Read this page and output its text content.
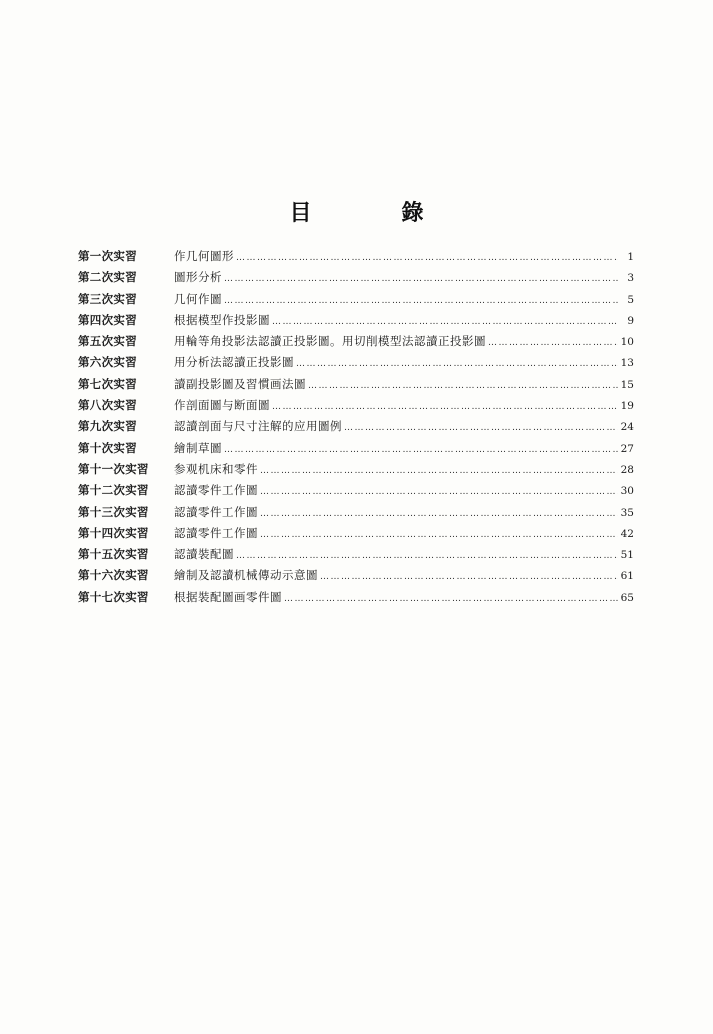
目　錄
第一次实習	作几何圖形 ………………………………………………………………………………………………………………………………………………………………	1
第二次实習	圖形分析 ………………………………………………………………………………………………………………………………………………………………	3
第三次实習	几何作圖 ………………………………………………………………………………………………………………………………………………………………	5
第四次实習	根据模型作投影圖 ………………………………………………………………………………………………………………………………………………………………	9
第五次实習	用輪等角投影法認讀正投影圖。用切削模型法認讀正投影圖 ………………………………………………………………………………………………………………………………………………………………	10
第六次实習	用分析法認讀正投影圖 ………………………………………………………………………………………………………………………………………………………………	13
第七次实習	讀副投影圖及習慣画法圖 ………………………………………………………………………………………………………………………………………………………………	15
第八次实習	作剖面圖与断面圖 ………………………………………………………………………………………………………………………………………………………………	19
第九次实習	認讀剖面与尺寸注解的应用圖例 ………………………………………………………………………………………………………………………………………………………………	24
第十次实習	繪制草圖 ………………………………………………………………………………………………………………………………………………………………	27
第十一次实習	参观机床和零件 ………………………………………………………………………………………………………………………………………………………………	28
第十二次实習	認讀零件工作圖 ………………………………………………………………………………………………………………………………………………………………	30
第十三次实習	認讀零件工作圖 ………………………………………………………………………………………………………………………………………………………………	35
第十四次实習	認讀零件工作圖 ………………………………………………………………………………………………………………………………………………………………	42
第十五次实習	認讀裝配圖 ………………………………………………………………………………………………………………………………………………………………	51
第十六次实習	繪制及認讀机械傳动示意圖 ………………………………………………………………………………………………………………………………………………………………	61
第十七次实習	根据裝配圖画零件圖 ………………………………………………………………………………………………………………………………………………………………	65
